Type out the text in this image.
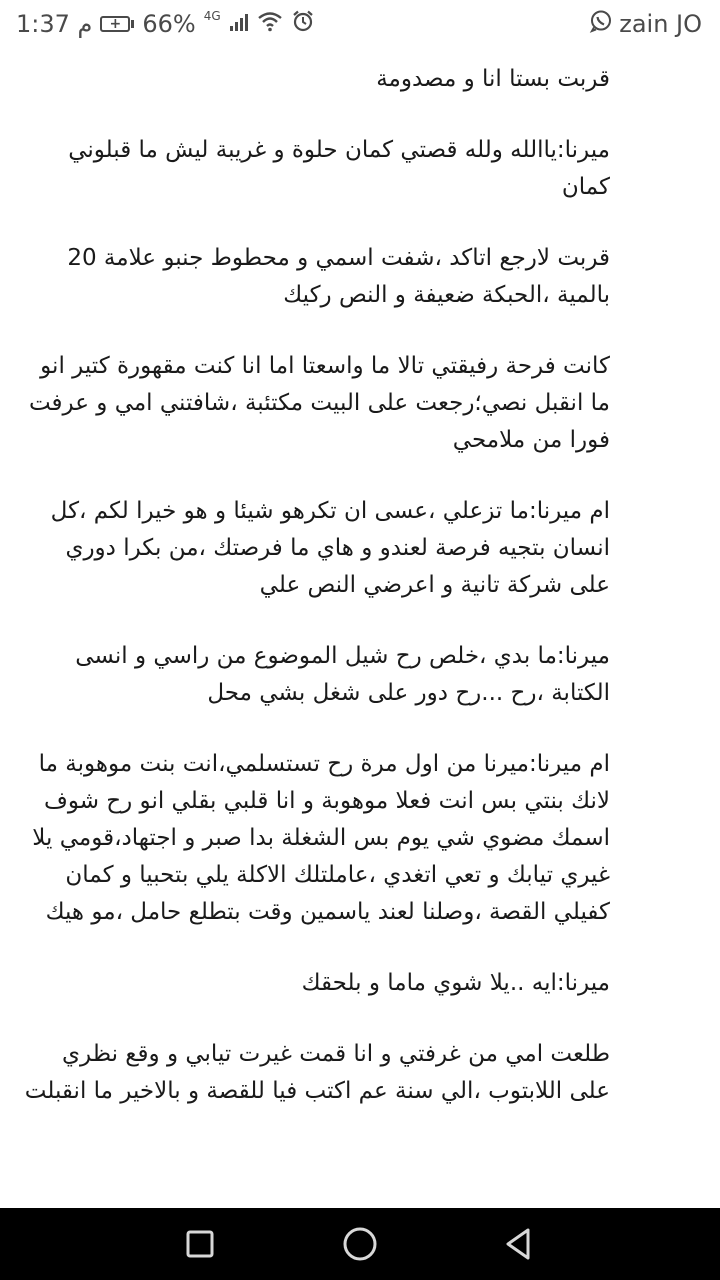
1:37 م	+ 66% 4G	zain JO

قربت بستا انا و مصدومة

ميرنا:ياالله ولله قصتي كمان حلوة و غريبة ليش ما قبلوني كمان

قربت لارجع اتاكد ،شفت اسمي و محطوط جنبو علامة 20 بالمية ،الحبكة ضعيفة و النص ركيك

كانت فرحة رفيقتي تالا ما واسعتا اما انا كنت مقهورة كتير انو ما انقبل نصي؛رجعت على البيت مكتئبة ،شافتني امي و عرفت فورا من ملامحي

ام ميرنا:ما تزعلي ،عسى ان تكرهو شيئا و هو خيرا لكم ،كل انسان بتجيه فرصة لعندو و هاي ما فرصتك ،من بكرا دوري على شركة تانية و اعرضي النص علي

ميرنا:ما بدي ،خلص رح شيل الموضوع من راسي و انسى الكتابة ،رح ...رح دور على شغل بشي محل

ام ميرنا:ميرنا من اول مرة رح تستسلمي،انت بنت موهوبة ما لانك بنتي بس انت فعلا موهوبة و انا قلبي بقلي انو رح شوف اسمك مضوي شي يوم بس الشغلة بدا صبر و اجتهاد،قومي يلا غيري تيابك و تعي اتغدي ،عاملتلك الاكلة يلي بتحبيا و كمان كفيلي القصة ،وصلنا لعند ياسمين وقت بتطلع حامل ،مو هيك

ميرنا:ايه ..يلا شوي ماما و بلحقك

طلعت امي من غرفتي و انا قمت غيرت تيابي و وقع نظري على اللابتوب ،الي سنة عم اكتب فيا للقصة و بالاخير ما انقبلت
